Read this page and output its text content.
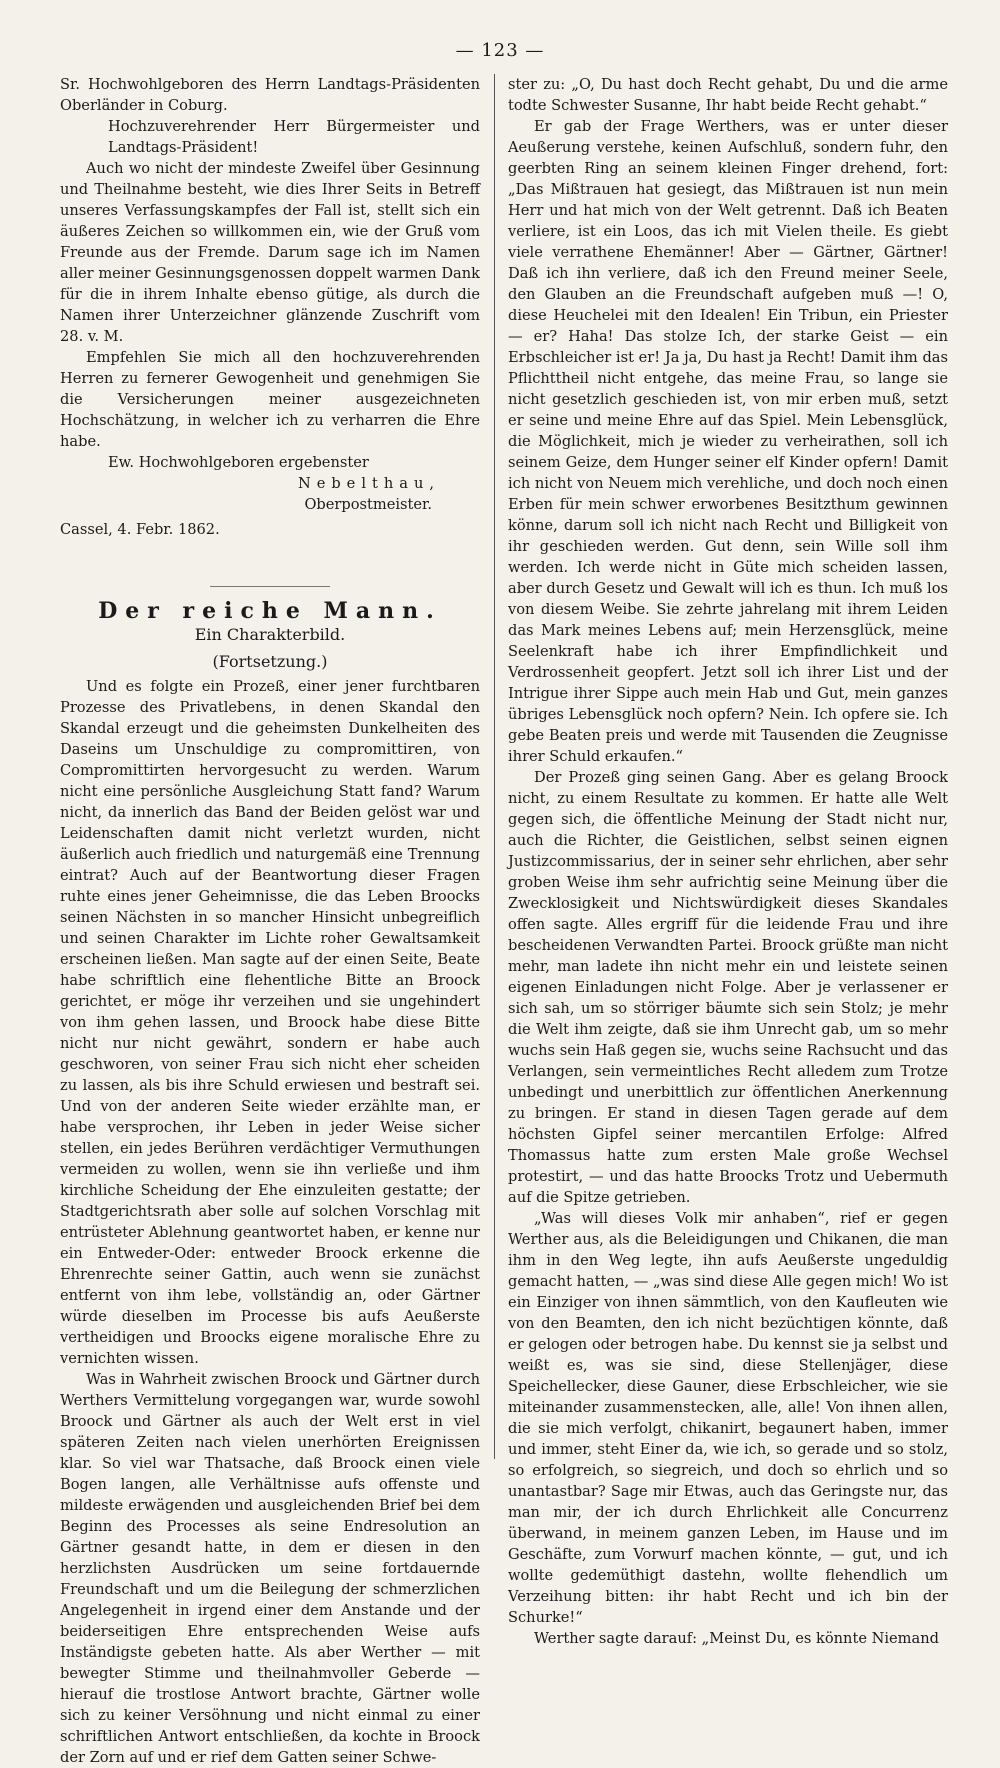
— 123 —

Sr. Hochwohlgeboren des Herrn Landtags-Präsidenten Oberländer in Coburg.

Hochzuverehrender Herr Bürgermeister und Landtags-Präsident!

Auch wo nicht der mindeste Zweifel über Gesinnung und Theilnahme besteht, wie dies Ihrer Seits in Betreff unseres Verfassungskampfes der Fall ist, stellt sich ein äußeres Zeichen so willkommen ein, wie der Gruß vom Freunde aus der Fremde. Darum sage ich im Namen aller meiner Gesinnungsgenossen doppelt warmen Dank für die in ihrem Inhalte ebenso gütige, als durch die Namen ihrer Unterzeichner glänzende Zuschrift vom 28. v. M.

Empfehlen Sie mich all den hochzuverehrenden Herren zu fernerer Gewogenheit und genehmigen Sie die Versicherungen meiner ausgezeichneten Hochschätzung, in welcher ich zu verharren die Ehre habe.

Ew. Hochwohlgeboren ergebenster

Nebelthau,

Oberpostmeister.

Cassel, 4. Febr. 1862.

Der reiche Mann.

Ein Charakterbild.

(Fortsetzung.)

Und es folgte ein Prozeß, einer jener furchtbaren Prozesse des Privatlebens, in denen Skandal den Skandal erzeugt und die geheimsten Dunkelheiten des Daseins um Unschuldige zu compromittiren, von Compromittirten hervorgesucht zu werden. Warum nicht eine persönliche Ausgleichung Statt fand? Warum nicht, da innerlich das Band der Beiden gelöst war und Leidenschaften damit nicht verletzt wurden, nicht äußerlich auch friedlich und naturgemäß eine Trennung eintrat? Auch auf der Beantwortung dieser Fragen ruhte eines jener Geheimnisse, die das Leben Broocks seinen Nächsten in so mancher Hinsicht unbegreiflich und seinen Charakter im Lichte roher Gewaltsamkeit erscheinen ließen. Man sagte auf der einen Seite, Beate habe schriftlich eine flehentliche Bitte an Broock gerichtet, er möge ihr verzeihen und sie ungehindert von ihm gehen lassen, und Broock habe diese Bitte nicht nur nicht gewährt, sondern er habe auch geschworen, von seiner Frau sich nicht eher scheiden zu lassen, als bis ihre Schuld erwiesen und bestraft sei. Und von der anderen Seite wieder erzählte man, er habe versprochen, ihr Leben in jeder Weise sicher stellen, ein jedes Berühren verdächtiger Vermuthungen vermeiden zu wollen, wenn sie ihn verließe und ihm kirchliche Scheidung der Ehe einzuleiten gestatte; der Stadtgerichtsrath aber solle auf solchen Vorschlag mit entrüsteter Ablehnung geantwortet haben, er kenne nur ein Entweder-Oder: entweder Broock erkenne die Ehrenrechte seiner Gattin, auch wenn sie zunächst entfernt von ihm lebe, vollständig an, oder Gärtner würde dieselben im Processe bis aufs Aeußerste vertheidigen und Broocks eigene moralische Ehre zu vernichten wissen.

Was in Wahrheit zwischen Broock und Gärtner durch Werthers Vermittelung vorgegangen war, wurde sowohl Broock und Gärtner als auch der Welt erst in viel späteren Zeiten nach vielen unerhörten Ereignissen klar. So viel war Thatsache, daß Broock einen viele Bogen langen, alle Verhältnisse aufs offenste und mildeste erwägenden und ausgleichenden Brief bei dem Beginn des Processes als seine Endresolution an Gärtner gesandt hatte, in dem er diesen in den herzlichsten Ausdrücken um seine fortdauernde Freundschaft und um die Beilegung der schmerzlichen Angelegenheit in irgend einer dem Anstande und der beiderseitigen Ehre entsprechenden Weise aufs Inständigste gebeten hatte. Als aber Werther — mit bewegter Stimme und theilnahmvoller Geberde — hierauf die trostlose Antwort brachte, Gärtner wolle sich zu keiner Versöhnung und nicht einmal zu einer schriftlichen Antwort entschließen, da kochte in Broock der Zorn auf und er rief dem Gatten seiner Schwe-

ster zu: „O, Du hast doch Recht gehabt, Du und die arme todte Schwester Susanne, Ihr habt beide Recht gehabt.“

Er gab der Frage Werthers, was er unter dieser Aeußerung verstehe, keinen Aufschluß, sondern fuhr, den geerbten Ring an seinem kleinen Finger drehend, fort: „Das Mißtrauen hat gesiegt, das Mißtrauen ist nun mein Herr und hat mich von der Welt getrennt. Daß ich Beaten verliere, ist ein Loos, das ich mit Vielen theile. Es giebt viele verrathene Ehemänner! Aber — Gärtner, Gärtner! Daß ich ihn verliere, daß ich den Freund meiner Seele, den Glauben an die Freundschaft aufgeben muß —! O, diese Heuchelei mit den Idealen! Ein Tribun, ein Priester — er? Haha! Das stolze Ich, der starke Geist — ein Erbschleicher ist er! Ja ja, Du hast ja Recht! Damit ihm das Pflichttheil nicht entgehe, das meine Frau, so lange sie nicht gesetzlich geschieden ist, von mir erben muß, setzt er seine und meine Ehre auf das Spiel. Mein Lebensglück, die Möglichkeit, mich je wieder zu verheirathen, soll ich seinem Geize, dem Hunger seiner elf Kinder opfern! Damit ich nicht von Neuem mich verehliche, und doch noch einen Erben für mein schwer erworbenes Besitzthum gewinnen könne, darum soll ich nicht nach Recht und Billigkeit von ihr geschieden werden. Gut denn, sein Wille soll ihm werden. Ich werde nicht in Güte mich scheiden lassen, aber durch Gesetz und Gewalt will ich es thun. Ich muß los von diesem Weibe. Sie zehrte jahrelang mit ihrem Leiden das Mark meines Lebens auf; mein Herzensglück, meine Seelenkraft habe ich ihrer Empfindlichkeit und Verdrossenheit geopfert. Jetzt soll ich ihrer List und der Intrigue ihrer Sippe auch mein Hab und Gut, mein ganzes übriges Lebensglück noch opfern? Nein. Ich opfere sie. Ich gebe Beaten preis und werde mit Tausenden die Zeugnisse ihrer Schuld erkaufen.“

Der Prozeß ging seinen Gang. Aber es gelang Broock nicht, zu einem Resultate zu kommen. Er hatte alle Welt gegen sich, die öffentliche Meinung der Stadt nicht nur, auch die Richter, die Geistlichen, selbst seinen eignen Justizcommissarius, der in seiner sehr ehrlichen, aber sehr groben Weise ihm sehr aufrichtig seine Meinung über die Zwecklosigkeit und Nichtswürdigkeit dieses Skandales offen sagte. Alles ergriff für die leidende Frau und ihre bescheidenen Verwandten Partei. Broock grüßte man nicht mehr, man ladete ihn nicht mehr ein und leistete seinen eigenen Einladungen nicht Folge. Aber je verlassener er sich sah, um so störriger bäumte sich sein Stolz; je mehr die Welt ihm zeigte, daß sie ihm Unrecht gab, um so mehr wuchs sein Haß gegen sie, wuchs seine Rachsucht und das Verlangen, sein vermeintliches Recht alledem zum Trotze unbedingt und unerbittlich zur öffentlichen Anerkennung zu bringen. Er stand in diesen Tagen gerade auf dem höchsten Gipfel seiner mercantilen Erfolge: Alfred Thomassus hatte zum ersten Male große Wechsel protestirt, — und das hatte Broocks Trotz und Uebermuth auf die Spitze getrieben.

„Was will dieses Volk mir anhaben“, rief er gegen Werther aus, als die Beleidigungen und Chikanen, die man ihm in den Weg legte, ihn aufs Aeußerste ungeduldig gemacht hatten, — „was sind diese Alle gegen mich! Wo ist ein Einziger von ihnen sämmtlich, von den Kaufleuten wie von den Beamten, den ich nicht bezüchtigen könnte, daß er gelogen oder betrogen habe. Du kennst sie ja selbst und weißt es, was sie sind, diese Stellenjäger, diese Speichellecker, diese Gauner, diese Erbschleicher, wie sie miteinander zusammenstecken, alle, alle! Von ihnen allen, die sie mich verfolgt, chikanirt, begaunert haben, immer und immer, steht Einer da, wie ich, so gerade und so stolz, so erfolgreich, so siegreich, und doch so ehrlich und so unantastbar? Sage mir Etwas, auch das Geringste nur, das man mir, der ich durch Ehrlichkeit alle Concurrenz überwand, in meinem ganzen Leben, im Hause und im Geschäfte, zum Vorwurf machen könnte, — gut, und ich wollte gedemüthigt dastehn, wollte flehendlich um Verzeihung bitten: ihr habt Recht und ich bin der Schurke!“

Werther sagte darauf: „Meinst Du, es könnte Niemand
